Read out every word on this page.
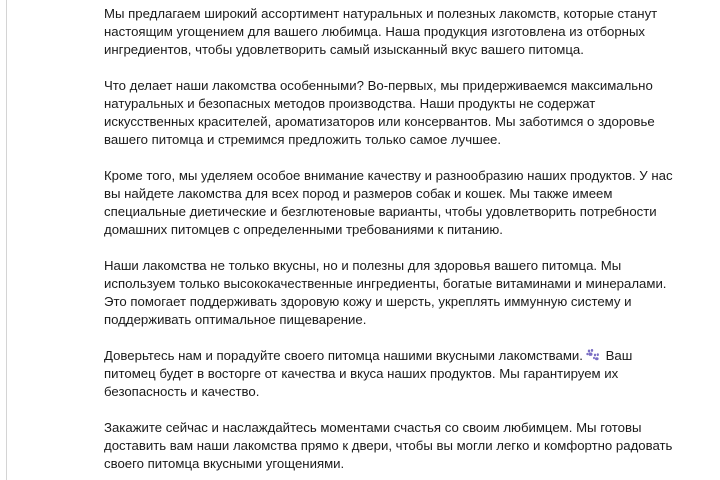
Мы предлагаем широкий ассортимент натуральных и полезных лакомств, которые станут настоящим угощением для вашего любимца. Наша продукция изготовлена из отборных ингредиентов, чтобы удовлетворить самый изысканный вкус вашего питомца.

Что делает наши лакомства особенными? Во-первых, мы придерживаемся максимально натуральных и безопасных методов производства. Наши продукты не содержат искусственных красителей, ароматизаторов или консервантов. Мы заботимся о здоровье вашего питомца и стремимся предложить только самое лучшее.

Кроме того, мы уделяем особое внимание качеству и разнообразию наших продуктов. У нас вы найдете лакомства для всех пород и размеров собак и кошек. Мы также имеем специальные диетические и безглютеновые варианты, чтобы удовлетворить потребности домашних питомцев с определенными требованиями к питанию.

Наши лакомства не только вкусны, но и полезны для здоровья вашего питомца. Мы используем только высококачественные ингредиенты, богатые витаминами и минералами. Это помогает поддерживать здоровую кожу и шерсть, укреплять иммунную систему и поддерживать оптимальное пищеварение.

Доверьтесь нам и порадуйте своего питомца нашими вкусными лакомствами. Ваш питомец будет в восторге от качества и вкуса наших продуктов. Мы гарантируем их безопасность и качество.

Закажите сейчас и наслаждайтесь моментами счастья со своим любимцем. Мы готовы доставить вам наши лакомства прямо к двери, чтобы вы могли легко и комфортно радовать своего питомца вкусными угощениями.
